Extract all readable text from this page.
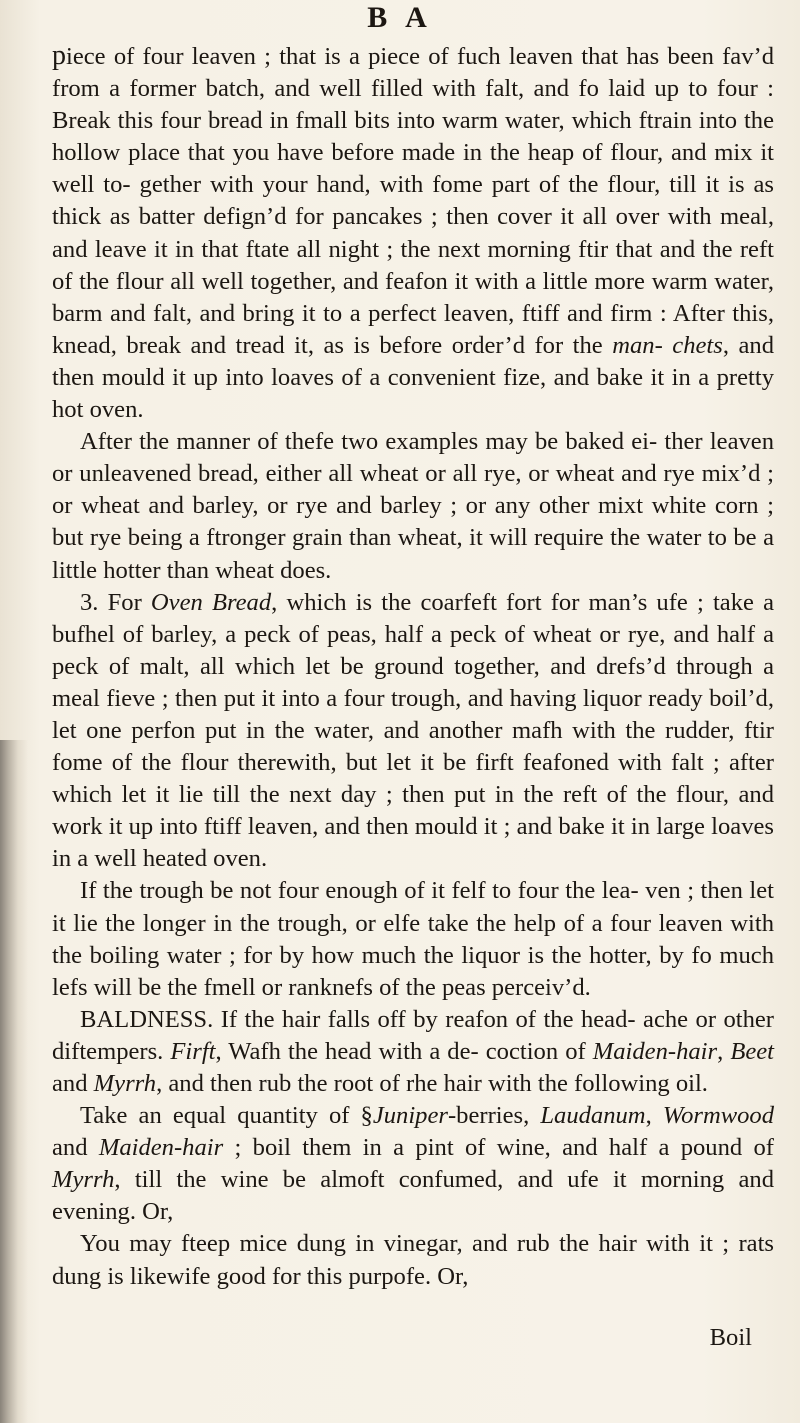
B A

piece of four leaven ; that is a piece of fuch leaven that has been fav’d from a former batch, and well filled with falt, and fo laid up to four : Break this four bread in fmall bits into warm water, which ftrain into the hollow place that you have before made in the heap of flour, and mix it well to- gether with your hand, with fome part of the flour, till it is as thick as batter defign’d for pancakes ; then cover it all over with meal, and leave it in that ftate all night ; the next morning ftir that and the reft of the flour all well together, and feafon it with a little more warm water, barm and falt, and bring it to a perfect leaven, ftiff and firm : After this, knead, break and tread it, as is before order’d for the man- chets, and then mould it up into loaves of a convenient fize, and bake it in a pretty hot oven.

After the manner of thefe two examples may be baked ei- ther leaven or unleavened bread, either all wheat or all rye, or wheat and rye mix’d ; or wheat and barley, or rye and barley ; or any other mixt white corn ; but rye being a ftronger grain than wheat, it will require the water to be a little hotter than wheat does.

3. For Oven Bread, which is the coarfeft fort for man’s ufe ; take a bufhel of barley, a peck of peas, half a peck of wheat or rye, and half a peck of malt, all which let be ground together, and drefs’d through a meal fieve ; then put it into a four trough, and having liquor ready boil’d, let one perfon put in the water, and another mafh with the rudder, ftir fome of the flour therewith, but let it be firft feafoned with falt ; after which let it lie till the next day ; then put in the reft of the flour, and work it up into ftiff leaven, and then mould it ; and bake it in large loaves in a well heated oven.

If the trough be not four enough of it felf to four the lea- ven ; then let it lie the longer in the trough, or elfe take the help of a four leaven with the boiling water ; for by how much the liquor is the hotter, by fo much lefs will be the fmell or ranknefs of the peas perceiv’d.

BALDNESS. If the hair falls off by reafon of the head- ache or other diftempers. Firft, Wafh the head with a de- coction of Maiden-hair, Beet and Myrrh, and then rub the root of rhe hair with the following oil.

Take an equal quantity of §Juniper-berries, Laudanum, Wormwood and Maiden-hair ; boil them in a pint of wine, and half a pound of Myrrh, till the wine be almoft confumed, and ufe it morning and evening. Or,

You may fteep mice dung in vinegar, and rub the hair with it ; rats dung is likewife good for this purpofe. Or,

Boil
